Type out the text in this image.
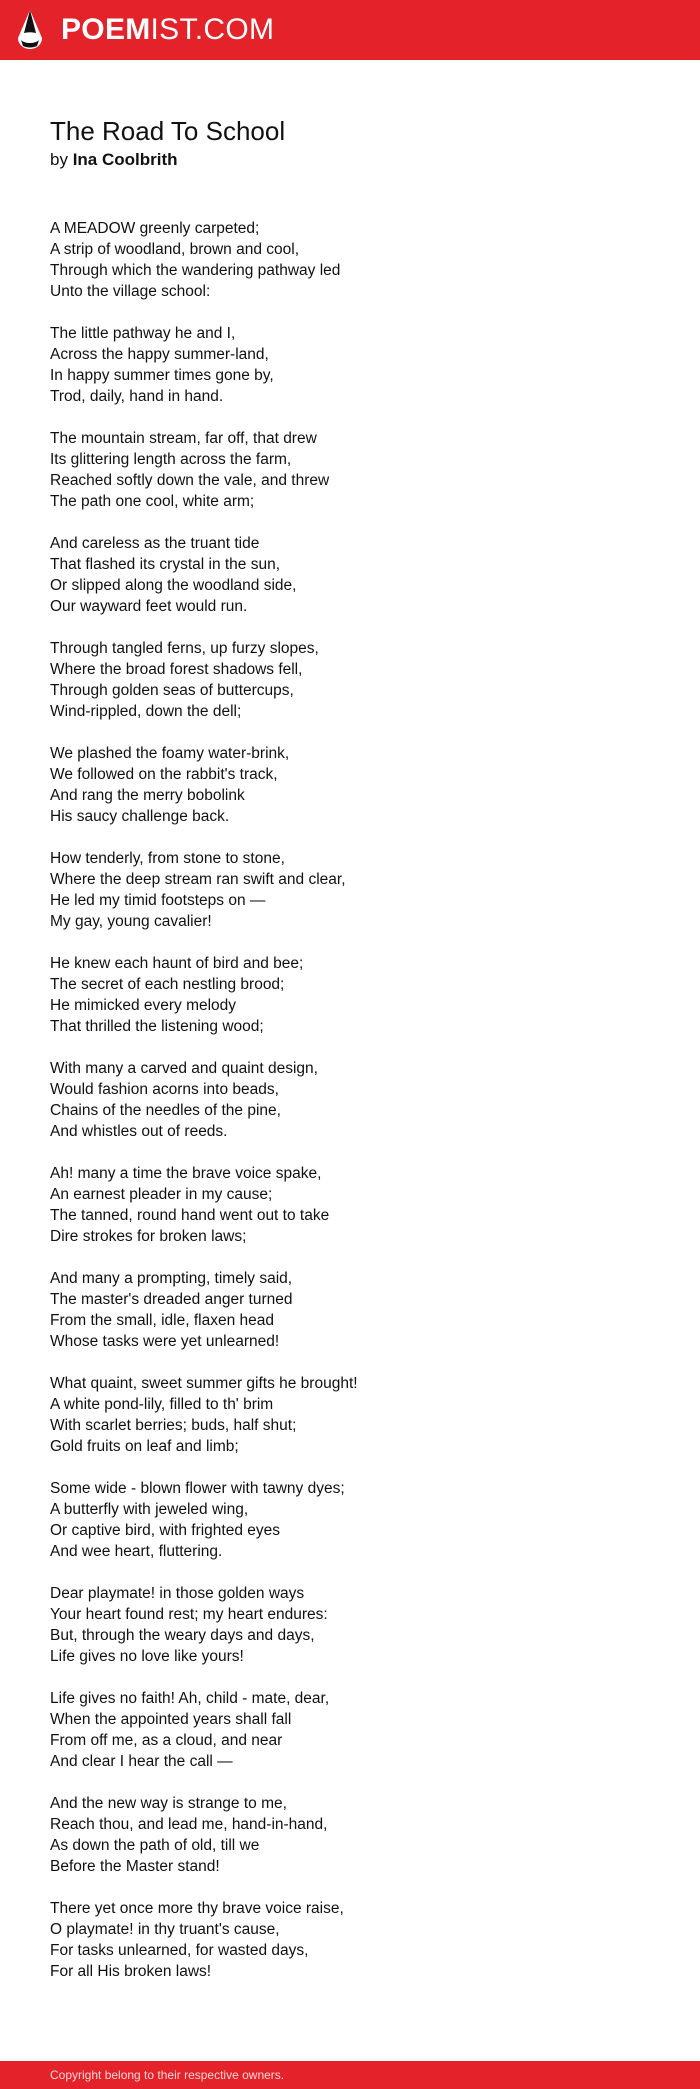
POEMIST.COM
The Road To School
by Ina Coolbrith
A MEADOW greenly carpeted;
A strip of woodland, brown and cool,
Through which the wandering pathway led
Unto the village school:
The little pathway he and I,
Across the happy summer-land,
In happy summer times gone by,
Trod, daily, hand in hand.
The mountain stream, far off, that drew
Its glittering length across the farm,
Reached softly down the vale, and threw
The path one cool, white arm;
And careless as the truant tide
That flashed its crystal in the sun,
Or slipped along the woodland side,
Our wayward feet would run.
Through tangled ferns, up furzy slopes,
Where the broad forest shadows fell,
Through golden seas of buttercups,
Wind-rippled, down the dell;
We plashed the foamy water-brink,
We followed on the rabbit's track,
And rang the merry bobolink
His saucy challenge back.
How tenderly, from stone to stone,
Where the deep stream ran swift and clear,
He led my timid footsteps on —
My gay, young cavalier!
He knew each haunt of bird and bee;
The secret of each nestling brood;
He mimicked every melody
That thrilled the listening wood;
With many a carved and quaint design,
Would fashion acorns into beads,
Chains of the needles of the pine,
And whistles out of reeds.
Ah! many a time the brave voice spake,
An earnest pleader in my cause;
The tanned, round hand went out to take
Dire strokes for broken laws;
And many a prompting, timely said,
The master's dreaded anger turned
From the small, idle, flaxen head
Whose tasks were yet unlearned!
What quaint, sweet summer gifts he brought!
A white pond-lily, filled to th' brim
With scarlet berries; buds, half shut;
Gold fruits on leaf and limb;
Some wide - blown flower with tawny dyes;
A butterfly with jeweled wing,
Or captive bird, with frighted eyes
And wee heart, fluttering.
Dear playmate! in those golden ways
Your heart found rest; my heart endures:
But, through the weary days and days,
Life gives no love like yours!
Life gives no faith! Ah, child - mate, dear,
When the appointed years shall fall
From off me, as a cloud, and near
And clear I hear the call —
And the new way is strange to me,
Reach thou, and lead me, hand-in-hand,
As down the path of old, till we
Before the Master stand!
There yet once more thy brave voice raise,
O playmate! in thy truant's cause,
For tasks unlearned, for wasted days,
For all His broken laws!
Copyright belong to their respective owners.
